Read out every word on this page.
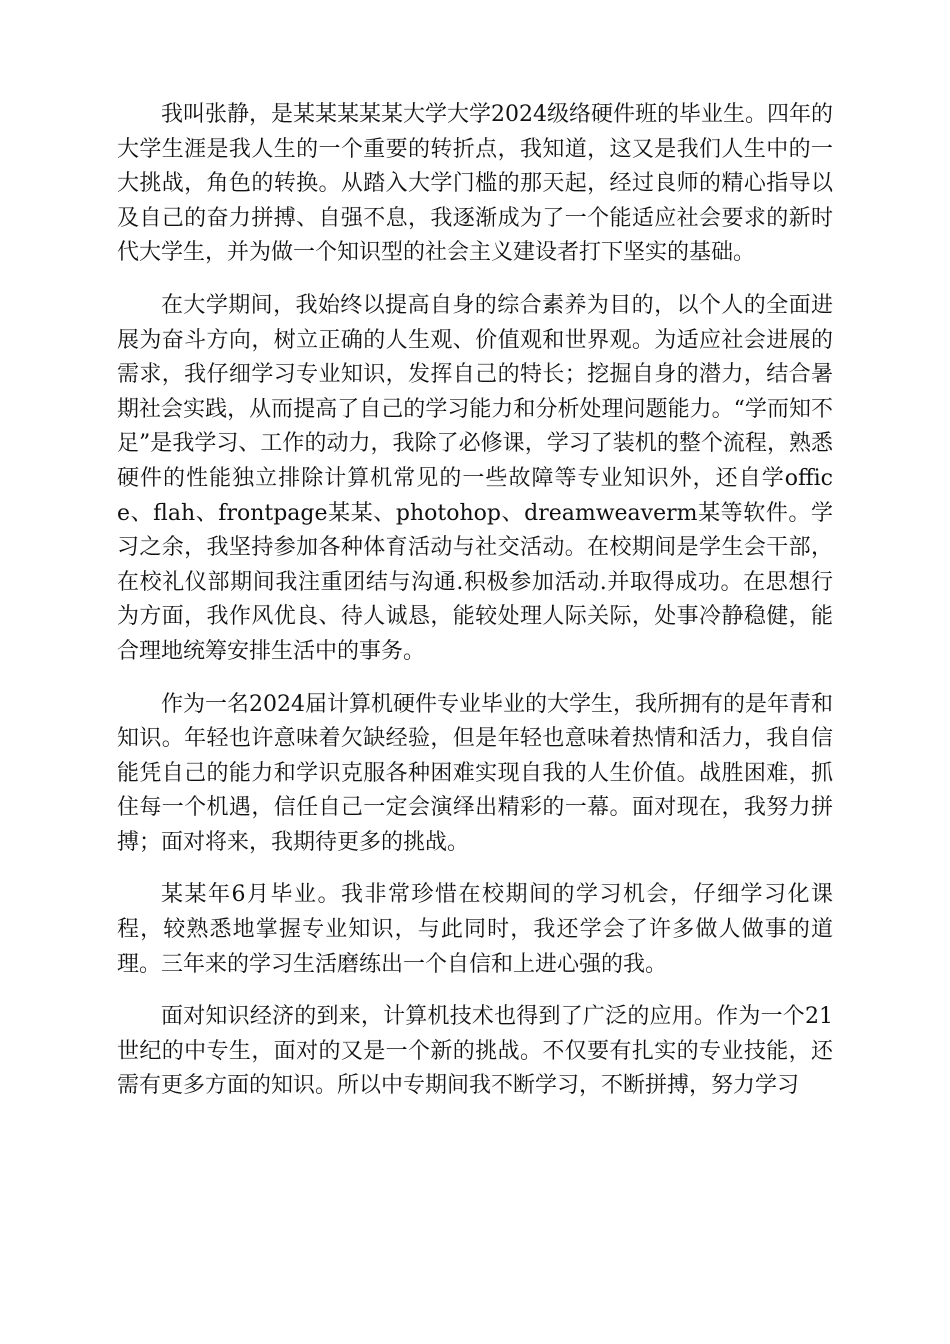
我叫张静，是某某某某某大学大学2024级络硬件班的毕业生。四年的大学生涯是我人生的一个重要的转折点，我知道，这又是我们人生中的一大挑战，角色的转换。从踏入大学门槛的那天起，经过良师的精心指导以及自己的奋力拼搏、自强不息，我逐渐成为了一个能适应社会要求的新时代大学生，并为做一个知识型的社会主义建设者打下坚实的基础。

在大学期间，我始终以提高自身的综合素养为目的，以个人的全面进展为奋斗方向，树立正确的人生观、价值观和世界观。为适应社会进展的需求，我仔细学习专业知识，发挥自己的特长；挖掘自身的潜力，结合暑期社会实践，从而提高了自己的学习能力和分析处理问题能力。“学而知不足”是我学习、工作的动力，我除了必修课，学习了装机的整个流程，熟悉硬件的性能独立排除计算机常见的一些故障等专业知识外，还自学office、flah、frontpage某某、photohop、dreamweaverm某等软件。学习之余，我坚持参加各种体育活动与社交活动。在校期间是学生会干部，在校礼仪部期间我注重团结与沟通.积极参加活动.并取得成功。在思想行为方面，我作风优良、待人诚恳，能较处理人际关际，处事冷静稳健，能合理地统筹安排生活中的事务。

作为一名2024届计算机硬件专业毕业的大学生，我所拥有的是年青和知识。年轻也许意味着欠缺经验，但是年轻也意味着热情和活力，我自信能凭自己的能力和学识克服各种困难实现自我的人生价值。战胜困难，抓住每一个机遇，信任自己一定会演绎出精彩的一幕。面对现在，我努力拼搏；面对将来，我期待更多的挑战。

某某年6月毕业。我非常珍惜在校期间的学习机会，仔细学习化课程，较熟悉地掌握专业知识，与此同时，我还学会了许多做人做事的道理。三年来的学习生活磨练出一个自信和上进心强的我。

面对知识经济的到来，计算机技术也得到了广泛的应用。作为一个21世纪的中专生，面对的又是一个新的挑战。不仅要有扎实的专业技能，还需有更多方面的知识。所以中专期间我不断学习，不断拼搏，努力学习
